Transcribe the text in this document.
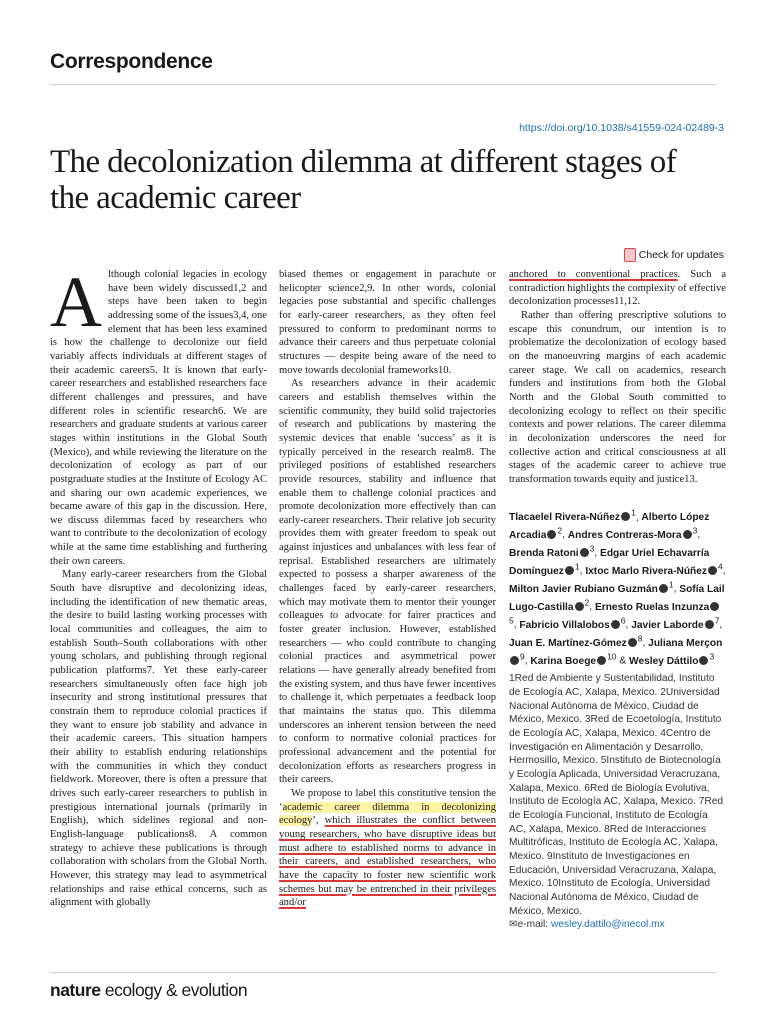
Correspondence
https://doi.org/10.1038/s41559-024-02489-3
The decolonization dilemma at different stages of the academic career
Check for updates

Although colonial legacies in ecology have been widely discussed1,2 and steps have been taken to begin addressing some of the issues3,4, one element that has been less examined is how the challenge to decolonize our field variably affects individuals at different stages of their academic careers5. It is known that early-career researchers and established researchers face different challenges and pressures, and have different roles in scientific research6. We are researchers and graduate students at various career stages within institutions in the Global South (Mexico), and while reviewing the literature on the decolonization of ecology as part of our postgraduate studies at the Institute of Ecology AC and sharing our own academic experiences, we became aware of this gap in the discussion. Here, we discuss dilemmas faced by researchers who want to contribute to the decolonization of ecology while at the same time establishing and furthering their own careers.

Many early-career researchers from the Global South have disruptive and decolonizing ideas, including the identification of new thematic areas, the desire to build lasting working processes with local communities and colleagues, the aim to establish South–South collaborations with other young scholars, and publishing through regional publication platforms7. Yet these early-career researchers simultaneously often face high job insecurity and strong institutional pressures that constrain them to reproduce colonial practices if they want to ensure job stability and advance in their academic careers. This situation hampers their ability to establish enduring relationships with the communities in which they conduct fieldwork. Moreover, there is often a pressure that drives such early-career researchers to publish in prestigious international journals (primarily in English), which sidelines regional and non-English-language publications8. A common strategy to achieve these publications is through collaboration with scholars from the Global North. However, this strategy may lead to asymmetrical relationships and raise ethical concerns, such as alignment with globally

biased themes or engagement in parachute or helicopter science2,9. In other words, colonial legacies pose substantial and specific challenges for early-career researchers, as they often feel pressured to conform to predominant norms to advance their careers and thus perpetuate colonial structures — despite being aware of the need to move towards decolonial frameworks10.

As researchers advance in their academic careers and establish themselves within the scientific community, they build solid trajectories of research and publications by mastering the systemic devices that enable ‘success’ as it is typically perceived in the research realm8. The privileged positions of established researchers provide resources, stability and influence that enable them to challenge colonial practices and promote decolonization more effectively than can early-career researchers. Their relative job security provides them with greater freedom to speak out against injustices and unbalances with less fear of reprisal. Established researchers are ultimately expected to possess a sharper awareness of the challenges faced by early-career researchers, which may motivate them to mentor their younger colleagues to advocate for fairer practices and foster greater inclusion. However, established researchers — who could contribute to changing colonial practices and asymmetrical power relations — have generally already benefited from the existing system, and thus have fewer incentives to challenge it, which perpetuates a feedback loop that maintains the status quo. This dilemma underscores an inherent tension between the need to conform to normative colonial practices for professional advancement and the potential for decolonization efforts as researchers progress in their careers.

We propose to label this constitutive tension the ‘academic career dilemma in decolonizing ecology’, which illustrates the conflict between young researchers, who have disruptive ideas but must adhere to established norms to advance in their careers, and established researchers, who have the capacity to foster new scientific work schemes but may be entrenched in their privileges and/or

anchored to conventional practices. Such a contradiction highlights the complexity of effective decolonization processes11,12.

Rather than offering prescriptive solutions to escape this conundrum, our intention is to problematize the decolonization of ecology based on the manoeuvring margins of each academic career stage. We call on academics, research funders and institutions from both the Global North and the Global South committed to decolonizing ecology to reflect on their specific contexts and power relations. The career dilemma in decolonization underscores the need for collective action and critical consciousness at all stages of the academic career to achieve true transformation towards equity and justice13.

Tlacaelel Rivera-Núñez $^1$, Alberto López Arcadia $^2$, Andres Contreras-Mora $^3$, Brenda Ratoni $^3$, Edgar Uriel Echavarría Domínguez $^1$, Ixtoc Marlo Rivera-Núñez $^4$, Milton Javier Rubiano Guzmán $^1$, Sofía Lail Lugo-Castilla $^2$, Ernesto Ruelas Inzunza$^5$, Fabricio Villalobos $^6$, Javier Laborde $^7$, Juan E. Martínez-Gómez $^8$, Juliana Merçon$^9$, Karina Boege $^{10}$ & Wesley Dáttilo $^3$
1Red de Ambiente y Sustentabilidad, Instituto de Ecología AC, Xalapa, Mexico. 2Universidad Nacional Autónoma de México, Ciudad de México, Mexico. 3Red de Ecoetología, Instituto de Ecología AC, Xalapa, Mexico. 4Centro de Investigación en Alimentación y Desarrollo, Hermosillo, Mexico. 5Instituto de Biotecnología y Ecología Aplicada, Universidad Veracruzana, Xalapa, Mexico. 6Red de Biología Evolutiva, Instituto de Ecología AC, Xalapa, Mexico. 7Red de Ecología Funcional, Instituto de Ecología AC, Xalapa, Mexico. 8Red de Interacciones Multitróficas, Instituto de Ecología AC, Xalapa, Mexico. 9Instituto de Investigaciones en Educación, Universidad Veracruzana, Xalapa, Mexico. 10Instituto de Ecología, Universidad Nacional Autónoma de México, Ciudad de México, Mexico.
✉e-mail: wesley.dattilo@inecol.mx
nature ecology & evolution
